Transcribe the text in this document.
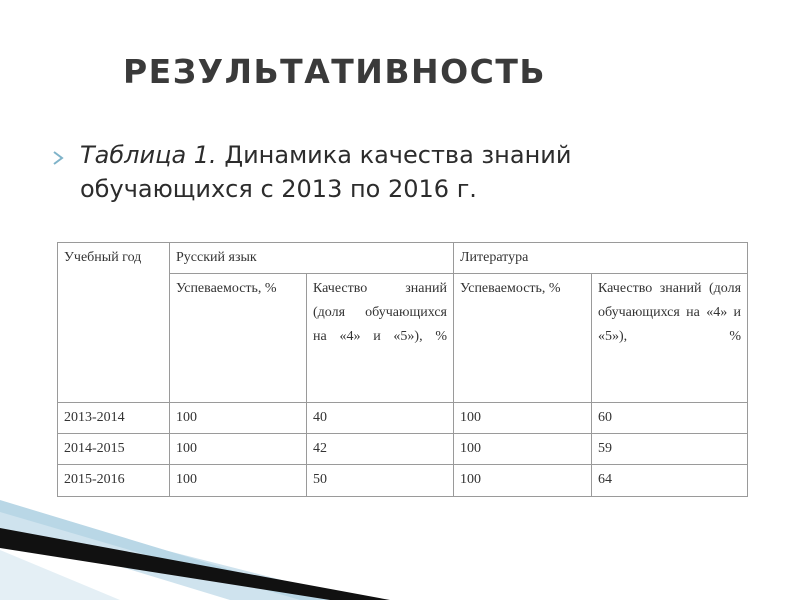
РЕЗУЛЬТАТИВНОСТЬ
Таблица 1. Динамика качества знаний
обучающихся с 2013 по 2016 г.
Учебный год	Русский язык		Литература	
	Успеваемость, %	Качество знаний (доля обучающихся на «4» и «5»), %	Успеваемость, %	Качество знаний (доля обучающихся на «4» и «5»), %
2013-2014	100	40	100	60
2014-2015	100	42	100	59
2015-2016	100	50	100	64
